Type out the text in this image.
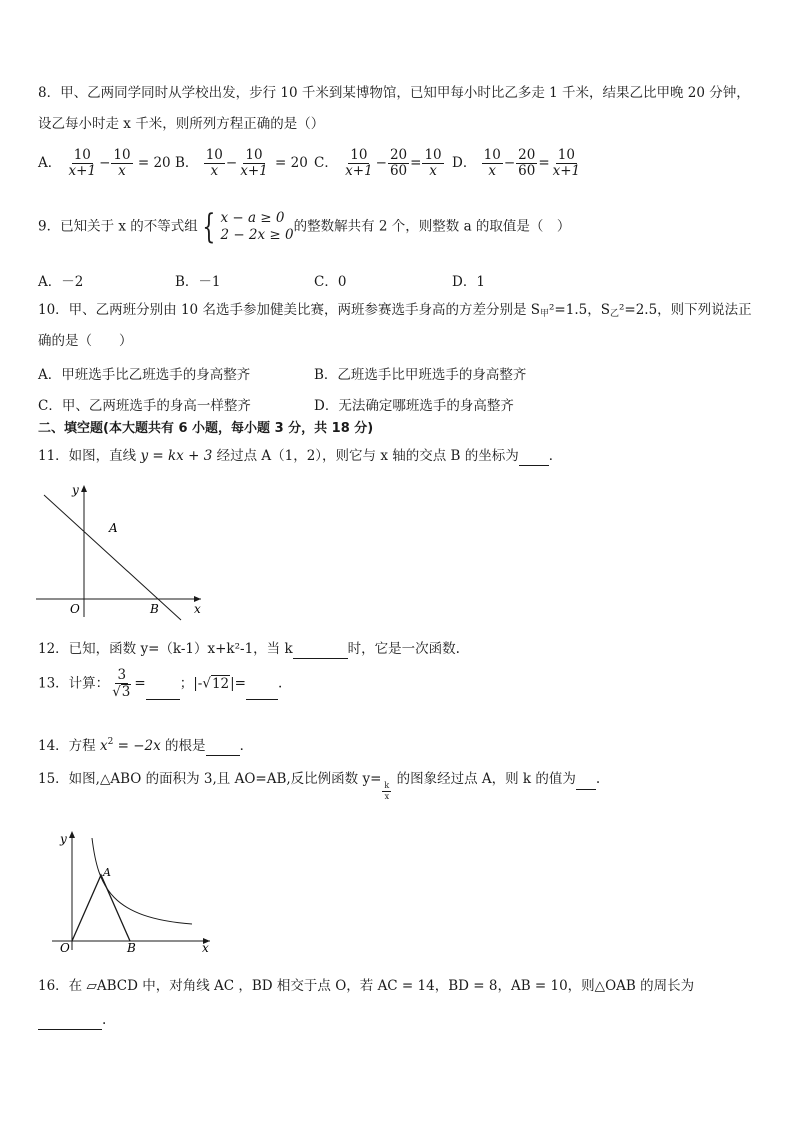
8．甲、乙两同学同时从学校出发，步行 10 千米到某博物馆，已知甲每小时比乙多走 1 千米，结果乙比甲晚 20 分钟，
设乙每小时走 x 千米，则所列方程正确的是（）
A． $\frac{10}{x+1} - \frac{10}{x} = 20$ B． $\frac{10}{x} - \frac{10}{x+1} = 20$ C． $\frac{10}{x+1} - \frac{20}{60} = \frac{10}{x}$ D． $\frac{10}{x} - \frac{20}{60} = \frac{10}{x+1}$
9．已知关于 x 的不等式组 { x − a ≥ 0
2 − 2x ≥ 0
的整数解共有 2 个，则整数 a 的取值是（　）
A．－2	B．－1	C．0	D．1
10．甲、乙两班分别由 10 名选手参加健美比赛，两班参赛选手身高的方差分别是 $S_甲^2=1.5$，$S_乙^2=2.5$，则下列说法正
确的是（　　）
A．甲班选手比乙班选手的身高整齐	B．乙班选手比甲班选手的身高整齐
C．甲、乙两班选手的身高一样整齐	D．无法确定哪班选手的身高整齐
二、填空题(本大题共有 6 小题，每小题 3 分，共 18 分)
11．如图，直线 y = kx + 3 经过点 A（1，2），则它与 x 轴的交点 B 的坐标为 ．
y
x
O
A
B
12．已知，函数 y=（k-1）x+k²-1，当 k	时，它是一次函数.
13．计算： $\frac{3}{√3}$ =	；|-√12|= .
14．方程 $x^2 = -2x$ 的根是	．
15．如图,△ABO 的面积为 3,且 AO=AB,反比例函数 y=
$\frac{k}{x}$
的图象经过点 A，则 k 的值为 .
y
x
O
A
B
16．在 ▱ABCD 中，对角线 AC ，BD 相交于点 O，若 AC = 14，BD = 8，AB = 10，则△OAB 的周长为
.
